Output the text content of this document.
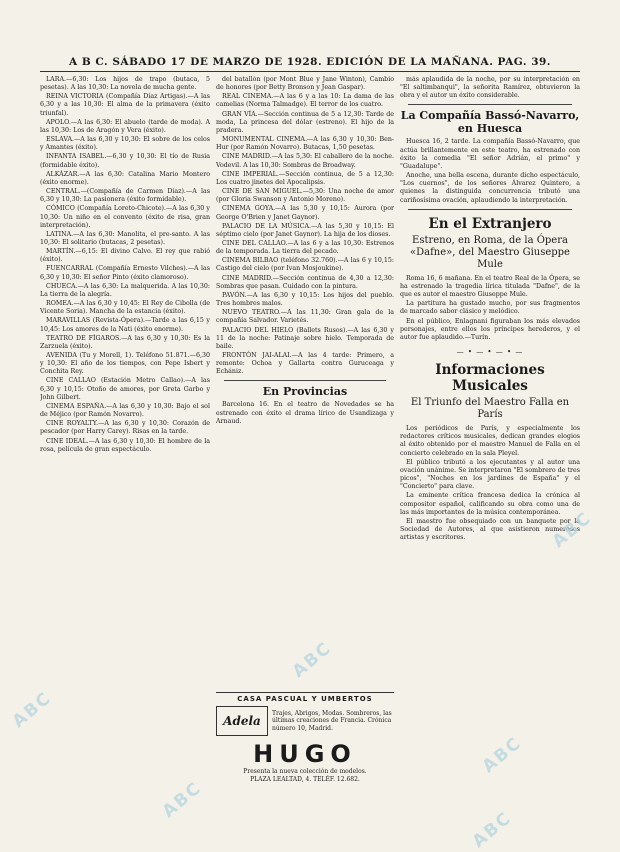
A B C. SÁBADO 17 DE MARZO DE 1928. EDICIÓN DE LA MAÑANA. PAG. 39.

LARA.—6,30: Los hijos de trapo (butaca, 5 pesetas). A las 10,30: La novela de mucha gente.

REINA VICTORIA (Compañía Díaz Artigas).—A las 6,30 y a las 10,30: El alma de la primavera (éxito triunfal).

APOLO.—A las 6,30: El abuelo (tarde de moda). A las 10,30: Los de Aragón y Vera (éxito).

ESLAVA.—A las 6,30 y 10,30: El sobre de los celos y Amantes (éxito).

INFANTA ISABEL.—6,30 y 10,30: El tío de Rusia (formidable éxito).

ALKÁZAR.—A las 6,30: Catalina Mario Montero (éxito enorme).

CENTRAL.—(Compañía de Carmen Díaz).—A las 6,30 y 10,30: La pasionera (éxito formidable).

CÓMICO (Compañía Loreto-Chicote).—A las 6,30 y 10,30: Un niño en el convento (éxito de risa, gran interpretación).

LATINA.—A las 6,30: Manolita, el pre-santo. A las 10,30: El solitario (butacas, 2 pesetas).

MARTÍN.—6,15: El divino Calvo. El rey que rabió (éxito).

FUENCARRAL (Compañía Ernesto Vilches).—A las 6,30 y 10,30: El señor Pinto (éxito clamoroso).

CHUECA.—A las 6,30: La malquerida. A las 10,30: La tierra de la alegría.

ROMEA.—A las 6,30 y 10,45: El Rey de Cibolla (de Vicente Soria). Mancha de la estancia (éxito).

MARAVILLAS (Revista-Ópera).—Tarde a las 6,15 y 10,45: Los amores de la Nati (éxito enorme).

TEATRO DE FÍGAROS.—A las 6,30 y 10,30: Es la Zarzuela (éxito).

AVENIDA (Tu y Morell, 1). Teléfono 51.871.—6,30 y 10,30: El año de los tiempos, con Pepe Isbert y Conchita Rey.

CINE CALLAO (Estación Metro Callao).—A las 6,30 y 10,15: Otoño de amores, por Greta Garbo y John Gilbert.

CINEMA ESPAÑA.—A las 6,30 y 10,30: Bajo el sol de Méjico (por Ramón Novarro).

CINE ROYALTY.—A las 6,30 y 10,30: Corazón de pescador (por Harry Carey). Risas en la tarde.

CINE IDEAL.—A las 6,30 y 10,30: El hombre de la rosa, película de gran espectáculo.

del batallón (por Mont Blue y Jane Winton), Cambio de honores (por Betty Bronson y Jean Gaspar).

REAL CINEMA.—A las 6 y a las 10: La dama de las camelias (Norma Talmadge). El terror de los cuatro.

GRAN VÍA.—Sección continua de 5 a 12,30: Tarde de moda, La princesa del dólar (estreno). El hijo de la pradera.

MONUMENTAL CINEMA.—A las 6,30 y 10,30: Ben-Hur (por Ramón Novarro). Butacas, 1,50 pesetas.

CINE MADRID.—A las 5,30: El caballero de la noche. Vodevil. A las 10,30: Sombras de Broadway.

CINE IMPERIAL.—Sección continua, de 5 a 12,30: Los cuatro jinetes del Apocalipsis.

CINE DE SAN MIGUEL.—5,30: Una noche de amor (por Gloria Swanson y Antonio Moreno).

CINEMA GOYA.—A las 5,30 y 10,15: Aurora (por George O'Brien y Janet Gaynor).

PALACIO DE LA MÚSICA.—A las 5,30 y 10,15: El séptimo cielo (por Janet Gaynor). La hija de los dioses.

CINE DEL CALLAO.—A las 6 y a las 10,30: Estrenos de la temporada. La tierra del pecado.

CINEMA BILBAO (teléfono 32.760).—A las 6 y 10,15: Castigo del cielo (por Ivan Mosjoukine).

CINE MADRID.—Sección continua de 4,30 a 12,30: Sombras que pasan. Cuidado con la pintura.

PAVÓN.—A las 6,30 y 10,15: Los hijos del pueblo. Tres hombres malos.

NUEVO TEATRO.—A las 11,30: Gran gala de la compañía Salvador. Varietés.

PALACIO DEL HIELO (Ballets Rusos).—A las 6,30 y 11 de la noche: Patinaje sobre hielo. Temporada de baile.

FRONTÓN JAI-ALAI.—A las 4 tarde: Primero, a remonte: Ochoa y Gallarta contra Guruceaga y Echániz.

En Provincias

Barcelona 16. En el teatro de Novedades se ha estrenado con éxito el drama lírico de Usandizaga y Arnaud.

más aplaudida de la noche, por su interpretación en "El saltimbanqui", la señorita Ramírez, obtuvieron la obra y el autor un éxito considerable.

La Compañía Bassó-Navarro, en Huesca

Huesca 16, 2 tarde. La compañía Bassó-Navarro, que actúa brillantemente en este teatro, ha estrenado con éxito la comedia "El señor Adrián, el primo" y "Guadalupe".

Anoche, una bella escena, durante dicho espectáculo, "Los cuernos", de los señores Álvarez Quintero, a quienes la distinguida concurrencia tributó una cariñosísima ovación, aplaudiendo la interpretación.

En el Extranjero
Estreno, en Roma, de la Ópera «Dafne», del Maestro Giuseppe Mule

Roma 16, 6 mañana. En el teatro Real de la Ópera, se ha estrenado la tragedia lírica titulada "Dafne", de la que es autor el maestro Giuseppe Mule.

La partitura ha gustado mucho, por sus fragmentos de marcado sabor clásico y melódico.

En el público, Enlagnani figuraban los más elevados personajes, entre ellos los príncipes herederos, y el autor fue aplaudido.—Turín.

— • — • — • —
Informaciones Musicales
El Triunfo del Maestro Falla en París

Los periódicos de París, y especialmente los redactores críticos musicales, dedican grandes elogios al éxito obtenido por el maestro Manuel de Falla en el concierto celebrado en la sala Pleyel.

El público tributó a los ejecutantes y al autor una ovación unánime. Se interpretaron "El sombrero de tres picos", "Noches en los jardines de España" y el "Concierto" para clave.

La eminente crítica francesa dedica la crónica al compositor español, calificando su obra como una de las más importantes de la música contemporánea.

El maestro fue obsequiado con un banquete por la Sociedad de Autores, al que asistieron numerosos artistas y escritores.

CASA PASCUAL Y UMBERTOS
Adela
Trajes, Abrigos, Modas. Sombreros, las últimas creaciones de Francia. Crónica número 10, Madrid.
HUGO
Presenta la nueva colección de modelos.
PLAZA LEALTAD, 4. TELÉF. 12.682.
ABC
ABC
ABC
ABC
ABC
ABC
